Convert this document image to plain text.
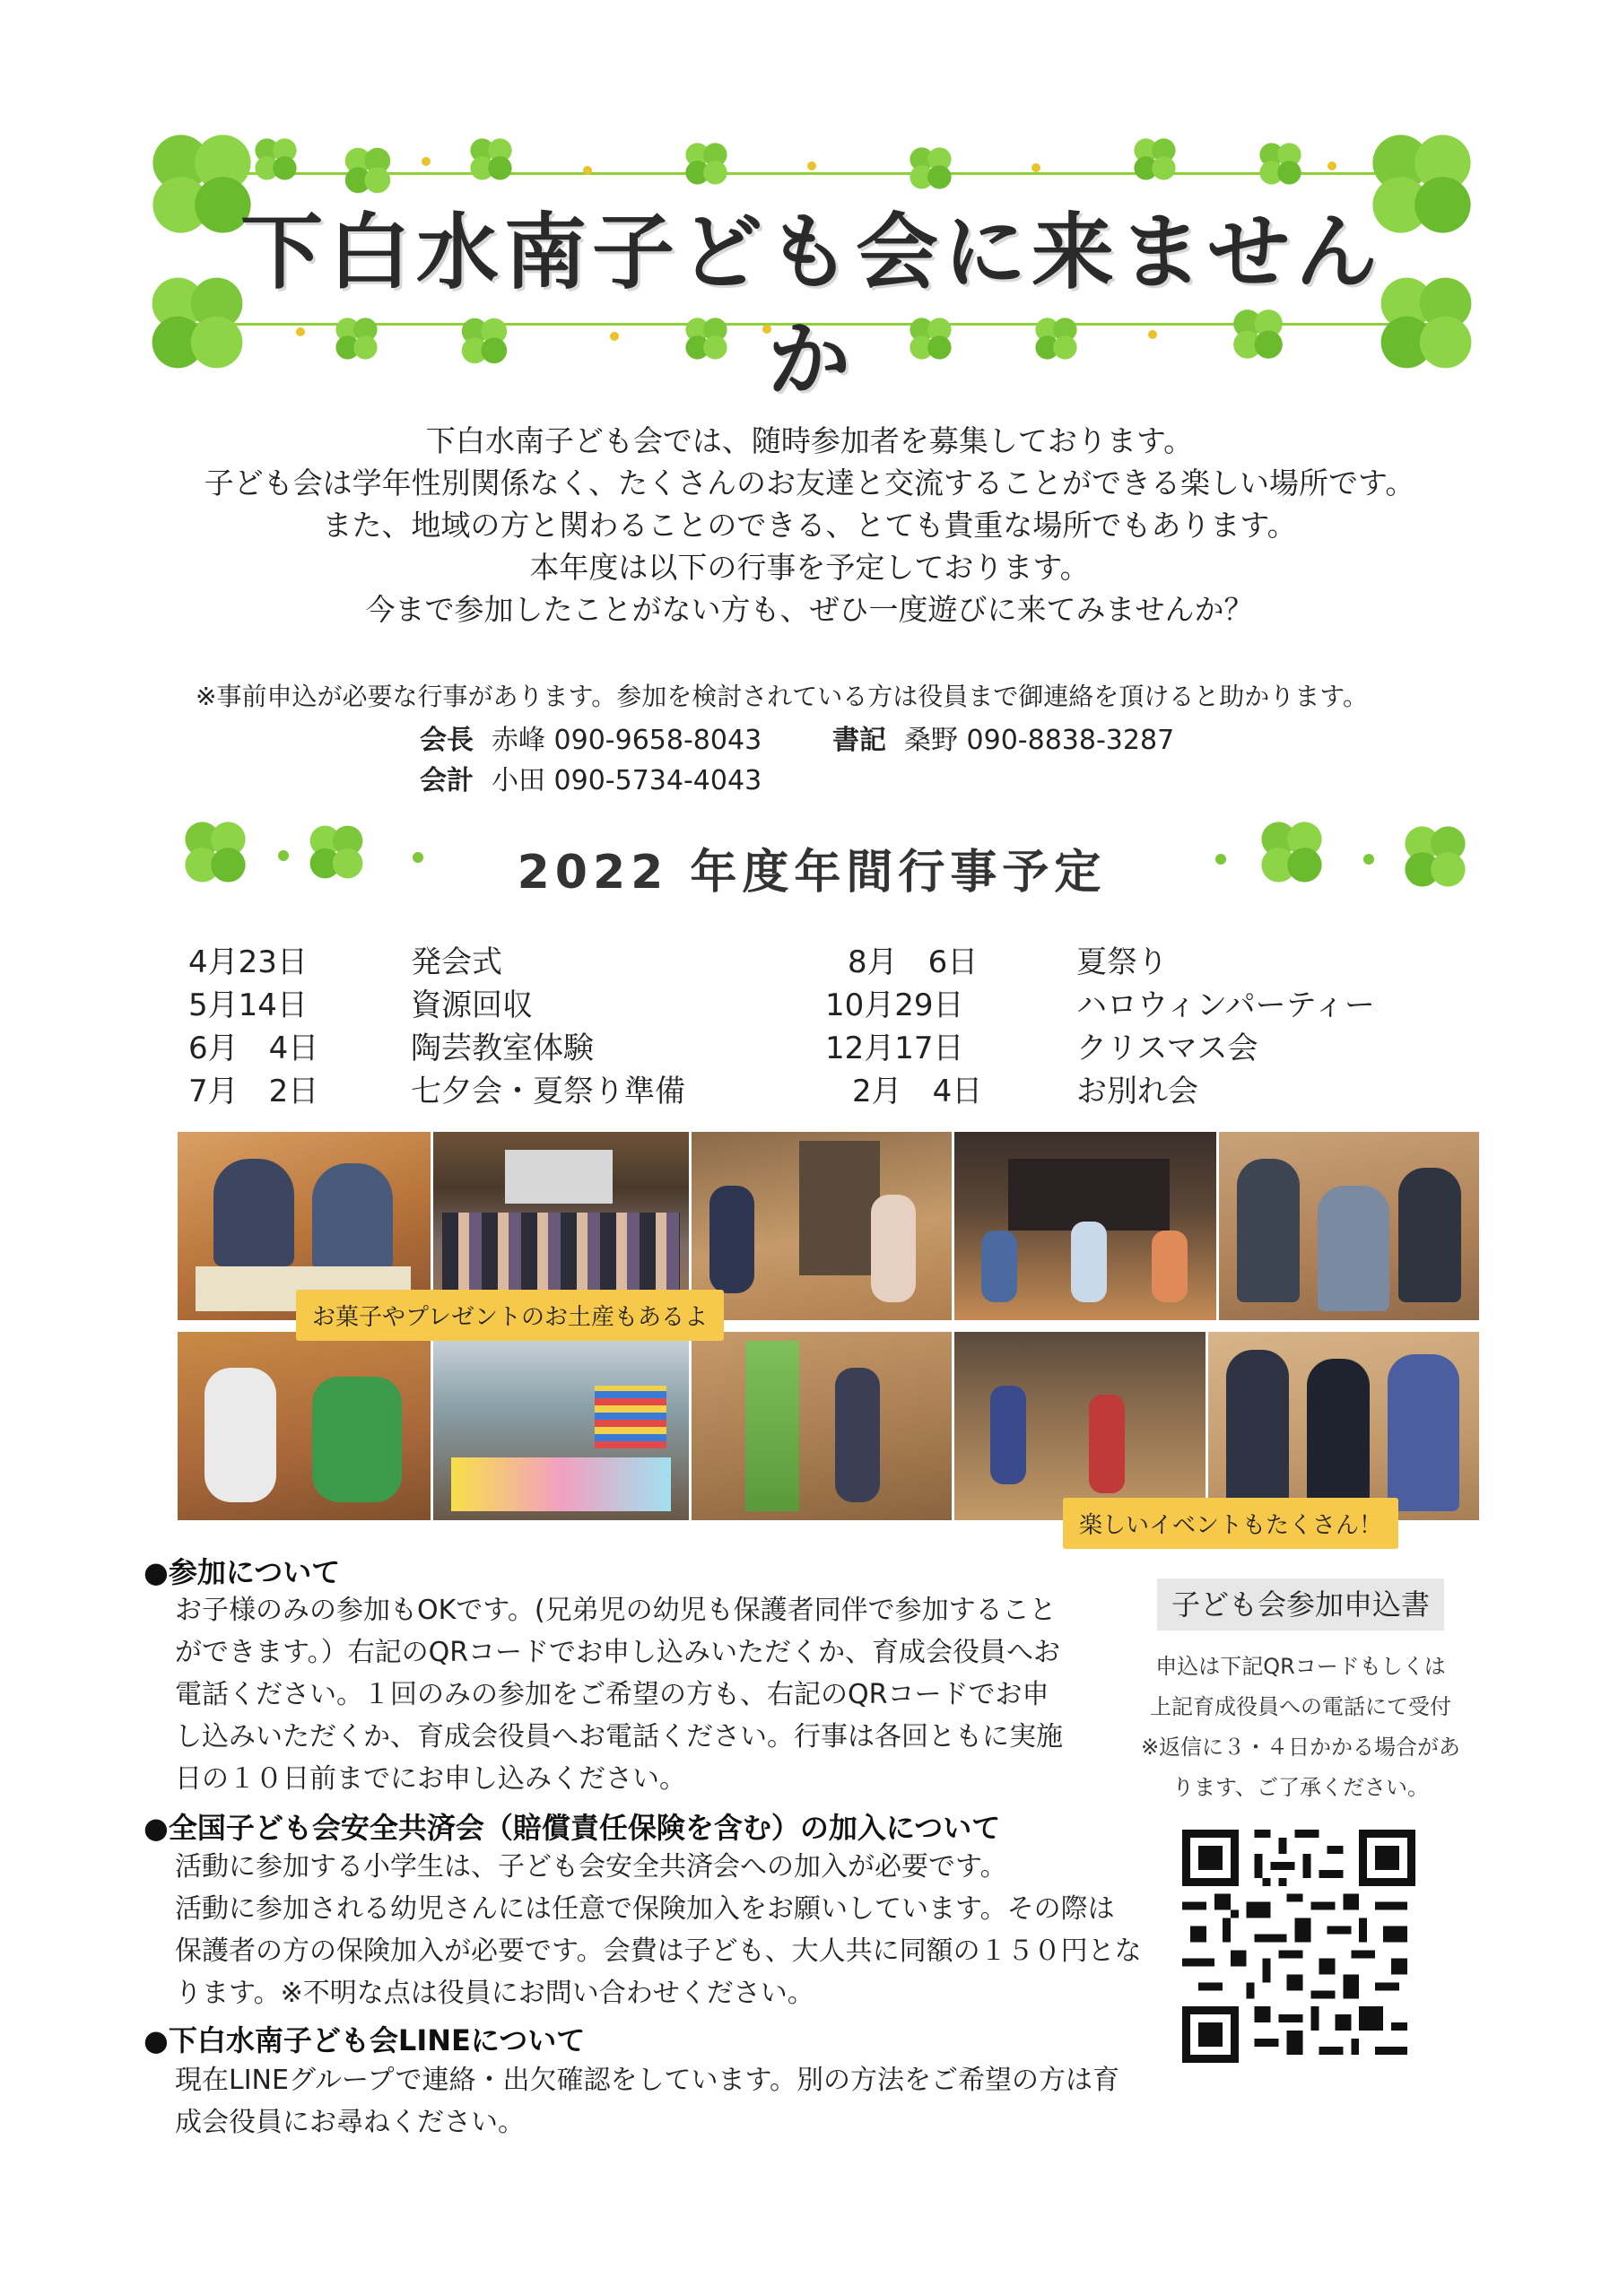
下白水南子ども会に来ませんか
下白水南子ども会では、随時参加者を募集しております。
子ども会は学年性別関係なく、たくさんのお友達と交流することができる楽しい場所です。
また、地域の方と関わることのできる、とても貴重な場所でもあります。
本年度は以下の行事を予定しております。
今まで参加したことがない方も、ぜひ一度遊びに来てみませんか？
※事前申込が必要な行事があります。参加を検討されている方は役員まで御連絡を頂けると助かります。
会長 赤峰 090-9658-8043	書記 桑野 090-8838-3287
会計 小田 090-5734-4043
2022 年度年間行事予定
4月23日	発会式
5月14日	資源回収
6月　4日	陶芸教室体験
7月　2日	七夕会・夏祭り準備
8月　6日	夏祭り
10月29日	ハロウィンパーティー
12月17日	クリスマス会
2月　4日	お別れ会
お菓子やプレゼントのお土産もあるよ
楽しいイベントもたくさん！
●参加について
お子様のみの参加もOKです。(兄弟児の幼児も保護者同伴で参加すること
ができます。）右記のQRコードでお申し込みいただくか、育成会役員へお
電話ください。１回のみの参加をご希望の方も、右記のQRコードでお申
し込みいただくか、育成会役員へお電話ください。行事は各回ともに実施
日の１０日前までにお申し込みください。
●全国子ども会安全共済会（賠償責任保険を含む）の加入について
活動に参加する小学生は、子ども会安全共済会への加入が必要です。
活動に参加される幼児さんには任意で保険加入をお願いしています。その際は
保護者の方の保険加入が必要です。会費は子ども、大人共に同額の１５０円とな
ります。※不明な点は役員にお問い合わせください。
●下白水南子ども会LINEについて
現在LINEグループで連絡・出欠確認をしています。別の方法をご希望の方は育
成会役員にお尋ねください。
子ども会参加申込書
申込は下記QRコードもしくは
上記育成役員への電話にて受付
※返信に３・４日かかる場合があ
ります、ご了承ください。
